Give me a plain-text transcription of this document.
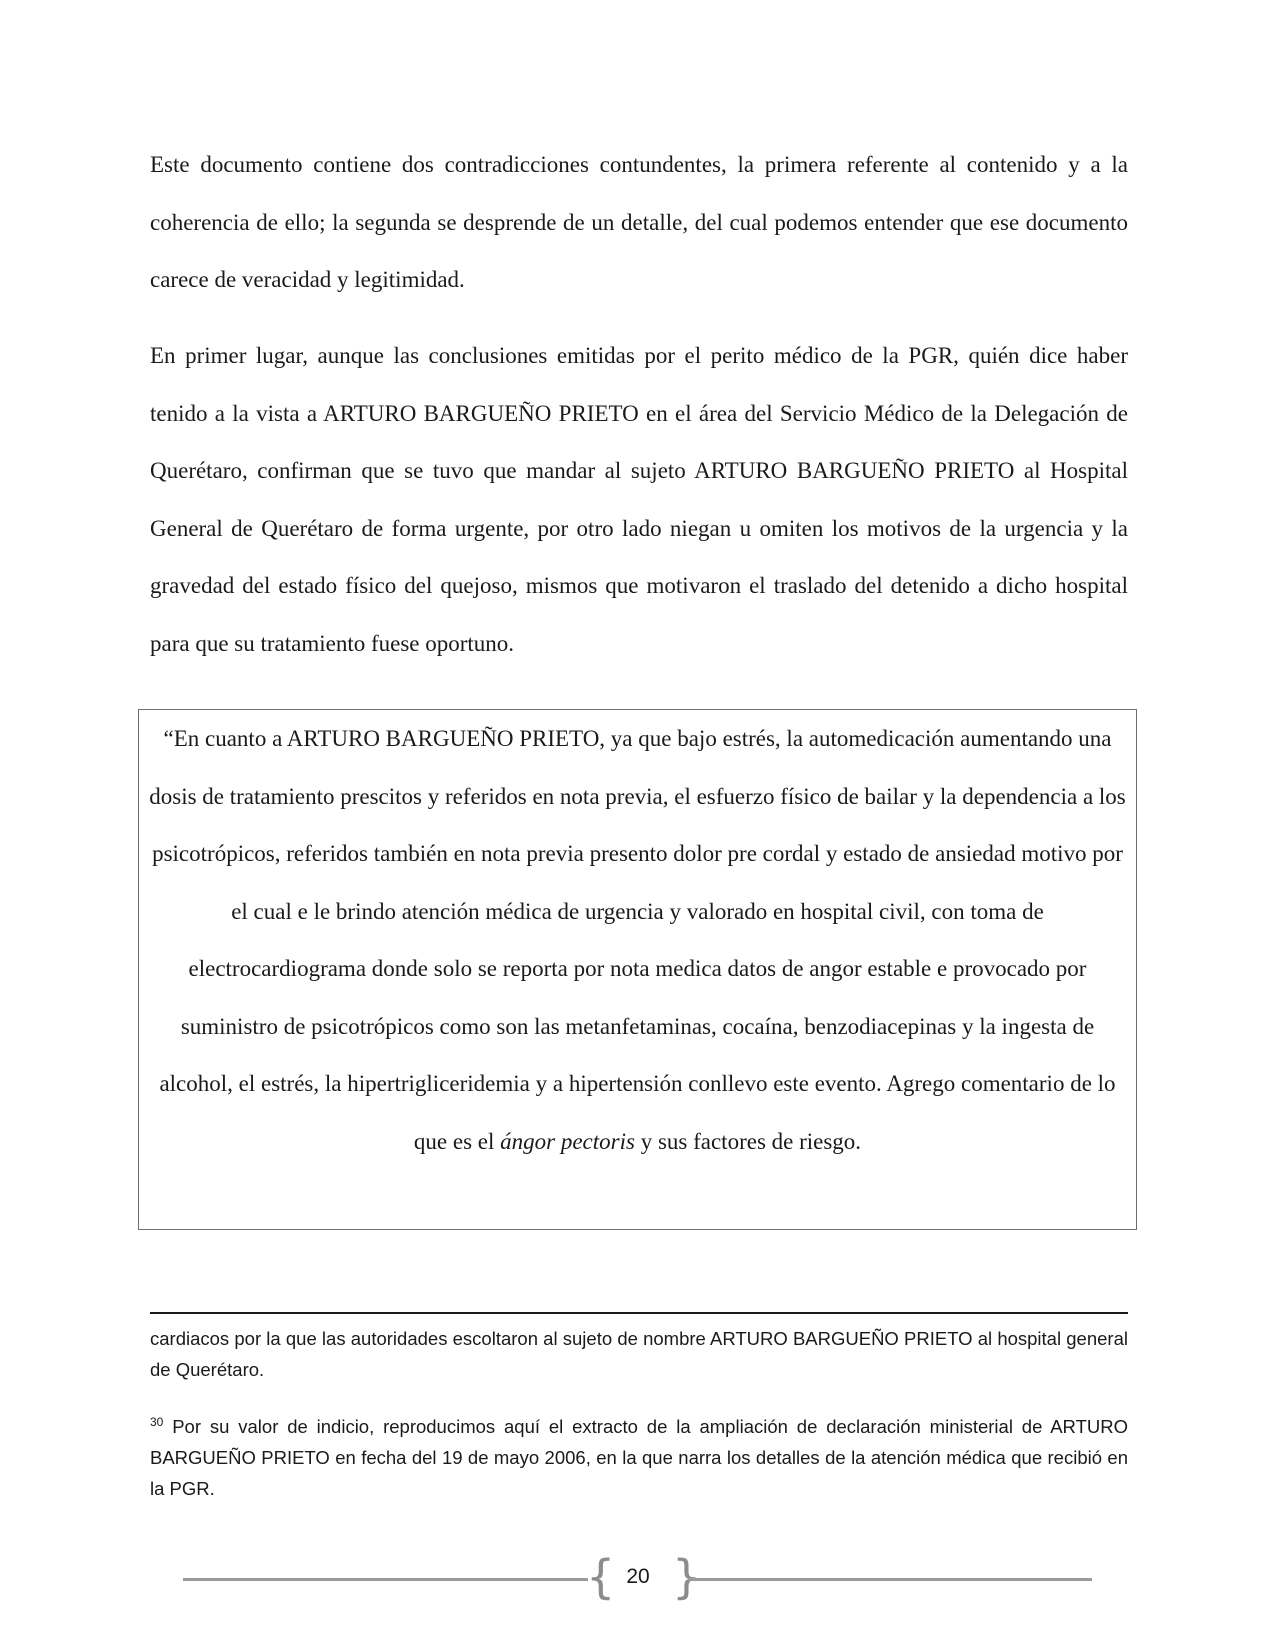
Este documento contiene dos contradicciones contundentes, la primera referente al contenido y a la coherencia de ello; la segunda se desprende de un detalle, del cual podemos entender que ese documento carece de veracidad y legitimidad.

En primer lugar, aunque las conclusiones emitidas por el perito médico de la PGR, quién dice haber tenido a la vista a ARTURO BARGUEÑO PRIETO en el área del Servicio Médico de la Delegación de Querétaro, confirman que se tuvo que mandar al sujeto ARTURO BARGUEÑO PRIETO al Hospital General de Querétaro de forma urgente, por otro lado niegan u omiten los motivos de la urgencia y la gravedad del estado físico del quejoso, mismos que motivaron el traslado del detenido a dicho hospital para que su tratamiento fuese oportuno.

“En cuanto a ARTURO BARGUEÑO PRIETO, ya que bajo estrés, la automedicación aumentando una dosis de tratamiento prescitos y referidos en nota previa, el esfuerzo físico de bailar y la dependencia a los psicotrópicos, referidos también en nota previa presento dolor pre cordal y estado de ansiedad motivo por el cual e le brindo atención médica de urgencia y valorado en hospital civil, con toma de electrocardiograma donde solo se reporta por nota medica datos de angor estable e provocado por suministro de psicotrópicos como son las metanfetaminas, cocaína, benzodiacepinas y la ingesta de alcohol, el estrés, la hipertrigliceridemia y a hipertensión conllevo este evento. Agrego comentario de lo que es el ángor pectoris y sus factores de riesgo.

cardiacos por la que las autoridades escoltaron al sujeto de nombre ARTURO BARGUEÑO PRIETO al hospital general de Querétaro.

$^{30}$ Por su valor de indicio, reproducimos aquí el extracto de la ampliación de declaración ministerial de ARTURO BARGUEÑO PRIETO en fecha del 19 de mayo 2006, en la que narra los detalles de la atención médica que recibió en la PGR.

{ 20 }
